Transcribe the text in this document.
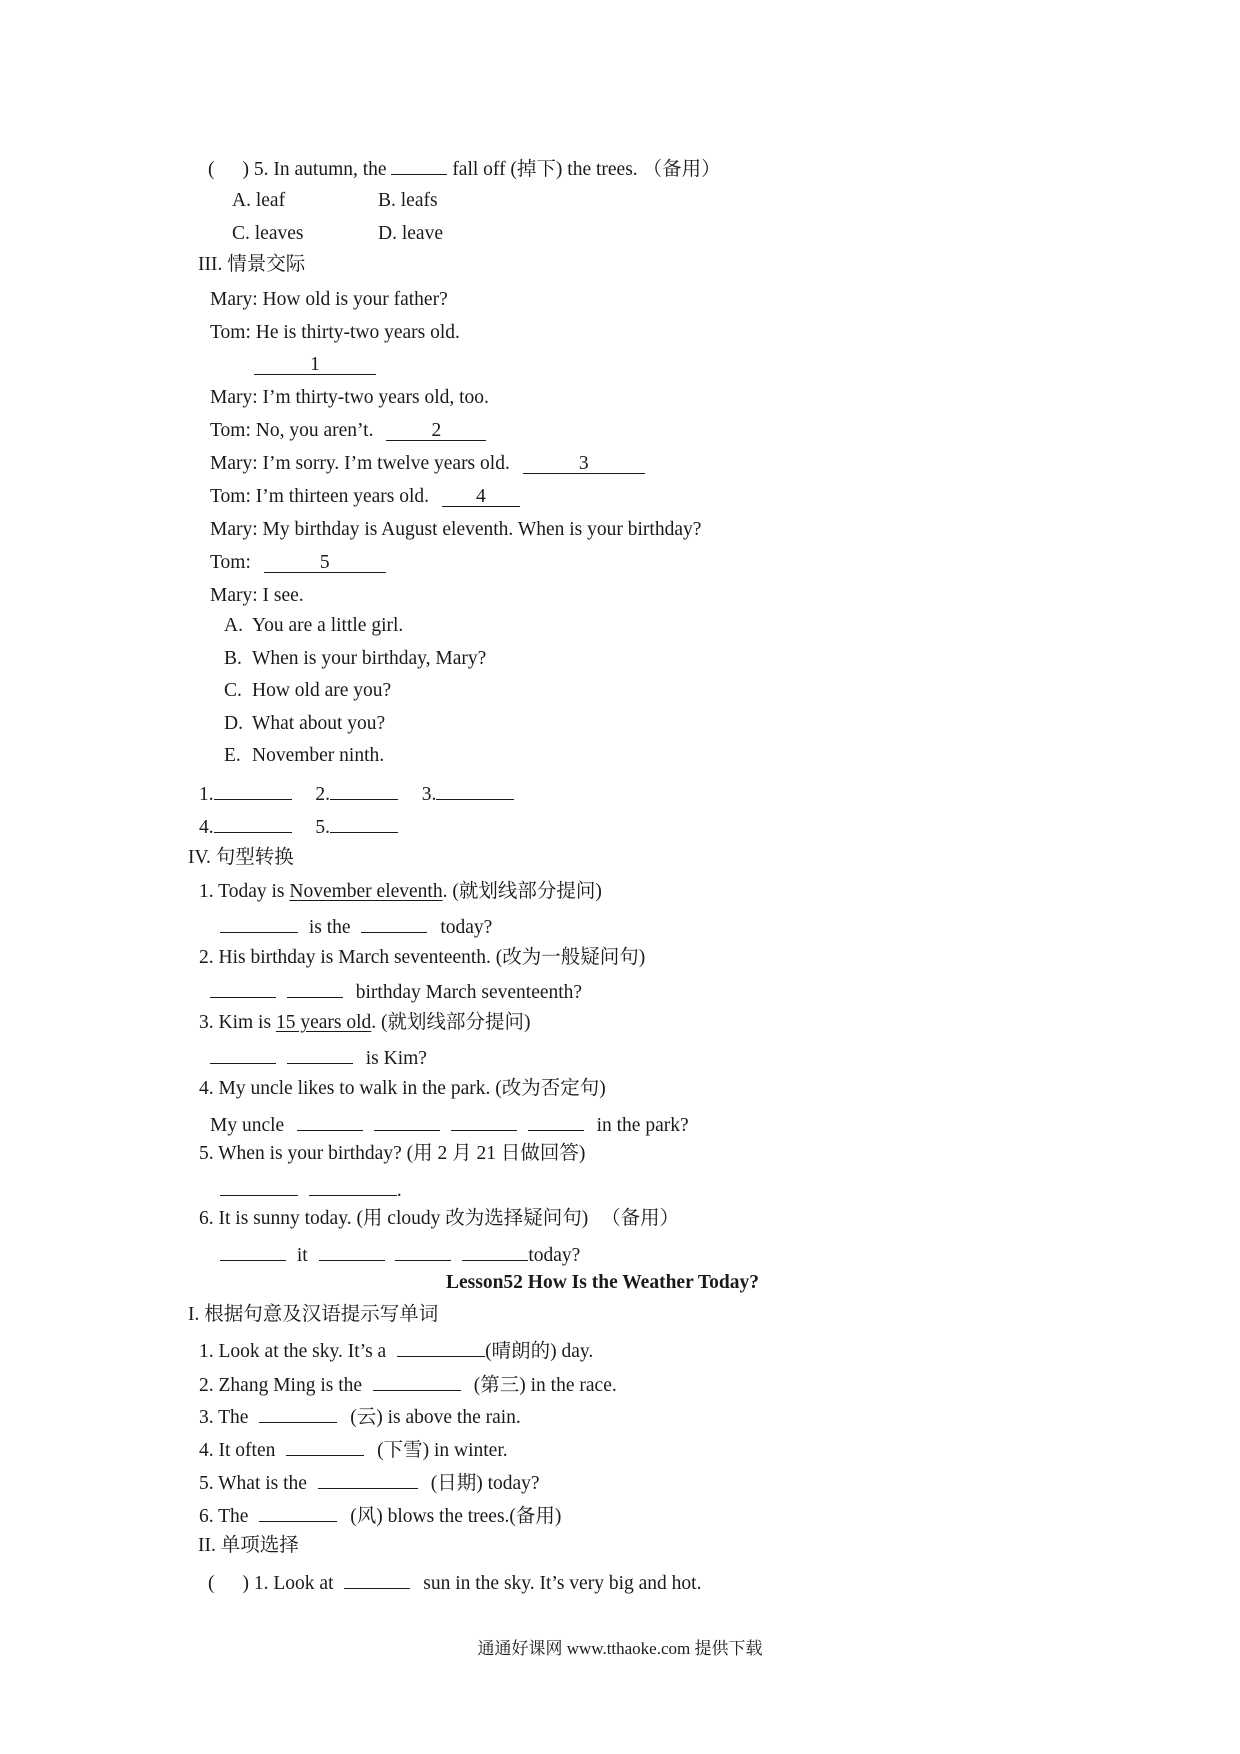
( ) 5. In autumn, the	fall off (掉下) the trees. （备用）
A. leaf	B. leafs
C. leaves	D. leave
III. 情景交际
Mary: How old is your father?
Tom: He is thirty-two years old.
1
Mary: I’m thirty-two years old, too.
Tom: No, you aren’t.	2
Mary: I’m sorry. I’m twelve years old.	3
Tom: I’m thirteen years old. 4
Mary: My birthday is August eleventh. When is your birthday?
Tom:	5
Mary: I see.
A. You are a little girl.
B. When is your birthday, Mary?
C. How old are you?
D. What about you?
E. November ninth.
1.	2.	3.
4.	5.
IV. 句型转换
1. Today is November eleventh. (就划线部分提问)
is the	today?
2. His birthday is March seventeenth. (改为一般疑问句)
birthday March seventeenth?
3. Kim is 15 years old. (就划线部分提问)
is Kim?
4. My uncle likes to walk in the park. (改为否定句)
My uncle	in the park?
5. When is your birthday? (用 2 月 21 日做回答)
.
6. It is sunny today. (用 cloudy 改为选择疑问句) （备用）
it	today?
Lesson52 How Is the Weather Today?
I. 根据句意及汉语提示写单词
1. Look at the sky. It’s a	(晴朗的) day.
2. Zhang Ming is the	(第三) in the race.
3. The	(云) is above the rain.
4. It often	(下雪) in winter.
5. What is the	(日期) today?
6. The	(风) blows the trees.(备用)
II. 单项选择
( ) 1. Look at	sun in the sky. It’s very big and hot.
通通好课网 www.tthaoke.com 提供下载
